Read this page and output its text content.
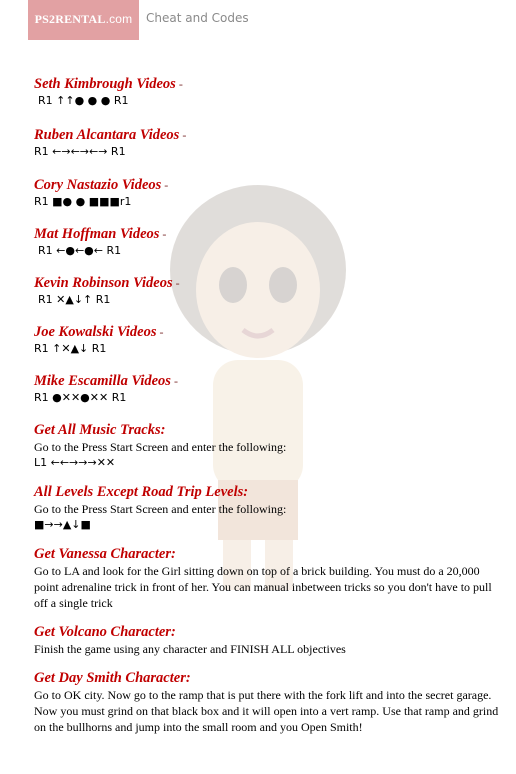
PS2RENTAL.com	Cheat and Codes

Seth Kimbrough Videos -

R1 ↑↑● ● ● R1

Ruben Alcantara Videos -

R1 ←→←→←→ R1

Cory Nastazio Videos -

R1 ■● ● ■■■r1

Mat Hoffman Videos -

R1 ←●←●← R1

Kevin Robinson Videos -

R1 ✕▲↓↑ R1

Joe Kowalski Videos -

R1 ↑✕▲↓ R1

Mike Escamilla Videos -

R1 ●✕✕●✕✕ R1

Get All Music Tracks:

Go to the Press Start Screen and enter the following:

L1 ←←→→→✕✕

All Levels Except Road Trip Levels:

Go to the Press Start Screen and enter the following:

■→→▲↓■

Get Vanessa Character:

Go to LA and look for the Girl sitting down on top of a brick building. You must do a 20,000 point adrenaline trick in front of her. You can manual inbetween tricks so you don't have to pull off a single trick

Get Volcano Character:

Finish the game using any character and FINISH ALL objectives

Get Day Smith Character:

Go to OK city. Now go to the ramp that is put there with the fork lift and into the secret garage. Now you must grind on that black box and it will open into a vert ramp. Use that ramp and grind on the bullhorns and jump into the small room and you Open Smith!
